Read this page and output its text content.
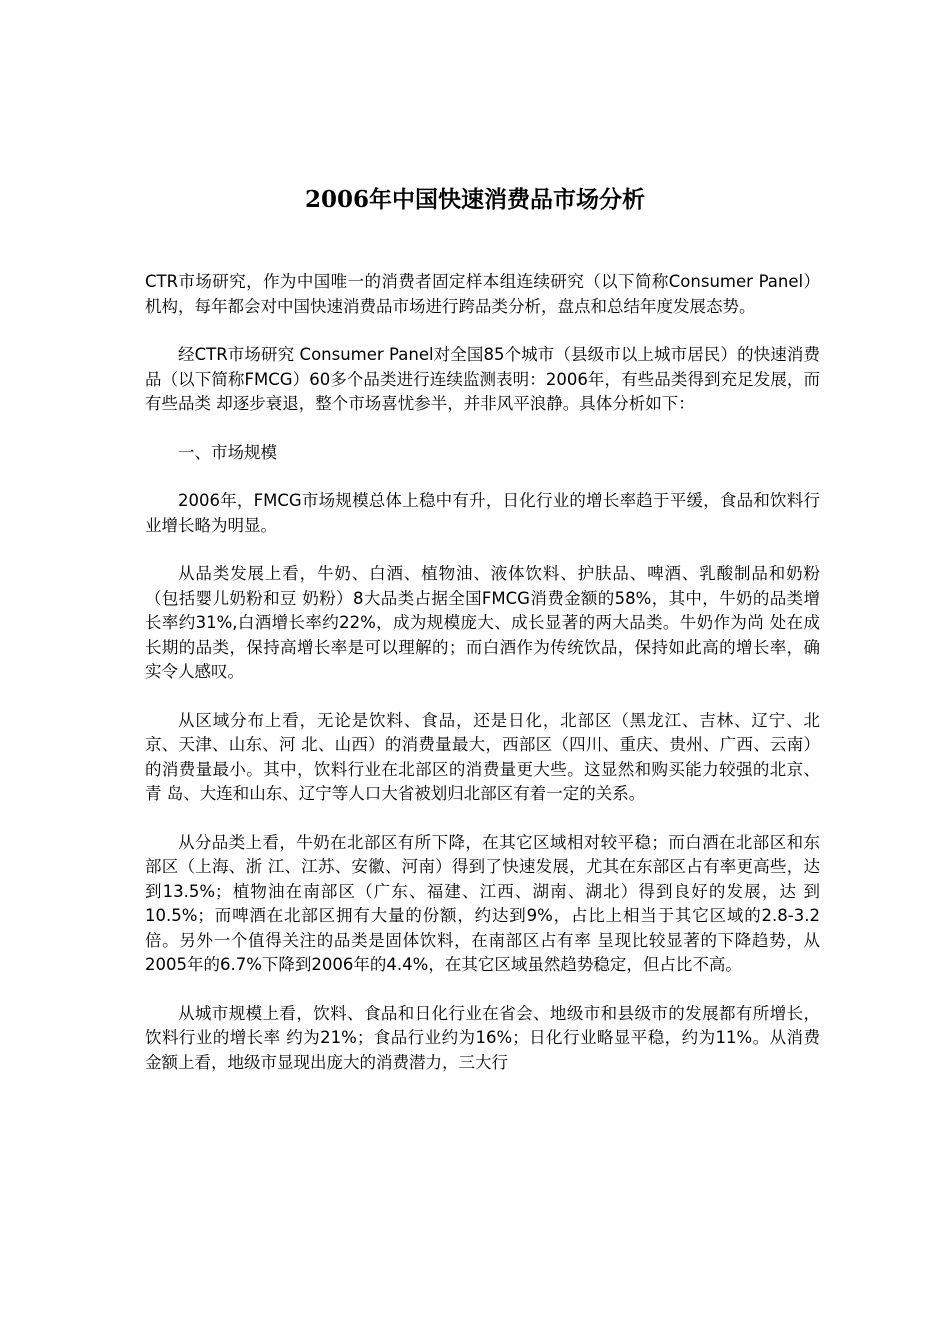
2006年中国快速消费品市场分析

CTR市场研究，作为中国唯一的消费者固定样本组连续研究（以下简称Consumer Panel）机构，每年都会对中国快速消费品市场进行跨品类分析，盘点和总结年度发展态势。

经CTR市场研究 Consumer Panel对全国85个城市（县级市以上城市居民）的快速消费品（以下简称FMCG）60多个品类进行连续监测表明：2006年，有些品类得到充足发展，而有些品类 却逐步衰退，整个市场喜忧参半，并非风平浪静。具体分析如下：

一、市场规模

2006年，FMCG市场规模总体上稳中有升，日化行业的增长率趋于平缓，食品和饮料行业增长略为明显。

从品类发展上看，牛奶、白酒、植物油、液体饮料、护肤品、啤酒、乳酸制品和奶粉（包括婴儿奶粉和豆 奶粉）8大品类占据全国FMCG消费金额的58%，其中，牛奶的品类增长率约31%,白酒增长率约22%，成为规模庞大、成长显著的两大品类。牛奶作为尚 处在成长期的品类，保持高增长率是可以理解的；而白酒作为传统饮品，保持如此高的增长率，确实令人感叹。

从区域分布上看，无论是饮料、食品，还是日化，北部区（黑龙江、吉林、辽宁、北京、天津、山东、河 北、山西）的消费量最大，西部区（四川、重庆、贵州、广西、云南）的消费量最小。其中，饮料行业在北部区的消费量更大些。这显然和购买能力较强的北京、青 岛、大连和山东、辽宁等人口大省被划归北部区有着一定的关系。

从分品类上看，牛奶在北部区有所下降，在其它区域相对较平稳；而白酒在北部区和东部区（上海、浙 江、江苏、安徽、河南）得到了快速发展，尤其在东部区占有率更高些，达到13.5%；植物油在南部区（广东、福建、江西、湖南、湖北）得到良好的发展，达 到10.5%；而啤酒在北部区拥有大量的份额，约达到9%，占比上相当于其它区域的2.8-3.2倍。另外一个值得关注的品类是固体饮料，在南部区占有率 呈现比较显著的下降趋势，从2005年的6.7%下降到2006年的4.4%，在其它区域虽然趋势稳定，但占比不高。

从城市规模上看，饮料、食品和日化行业在省会、地级市和县级市的发展都有所增长，饮料行业的增长率 约为21%；食品行业约为16%；日化行业略显平稳，约为11%。从消费金额上看，地级市显现出庞大的消费潜力，三大行
